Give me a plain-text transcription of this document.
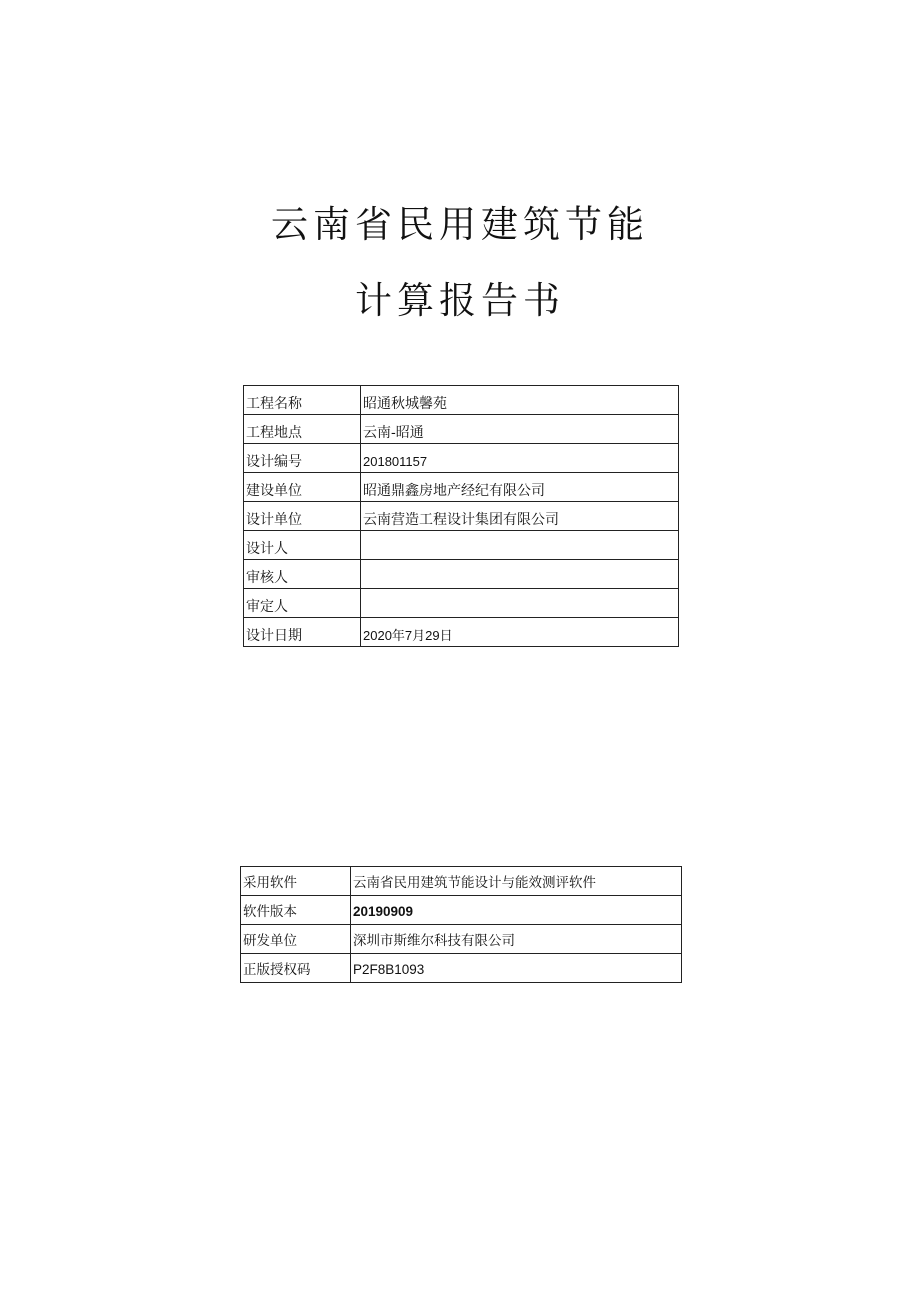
云南省民用建筑节能
计算报告书
工程名称	昭通秋城馨苑
工程地点	云南-昭通
设计编号	201801157
建设单位	昭通鼎鑫房地产经纪有限公司
设计单位	云南营造工程设计集团有限公司
设计人	
审核人	
审定人	
设计日期	2020年7月29日
采用软件	云南省民用建筑节能设计与能效测评软件
软件版本	20190909
研发单位	深圳市斯维尔科技有限公司
正版授权码	P2F8B1093
